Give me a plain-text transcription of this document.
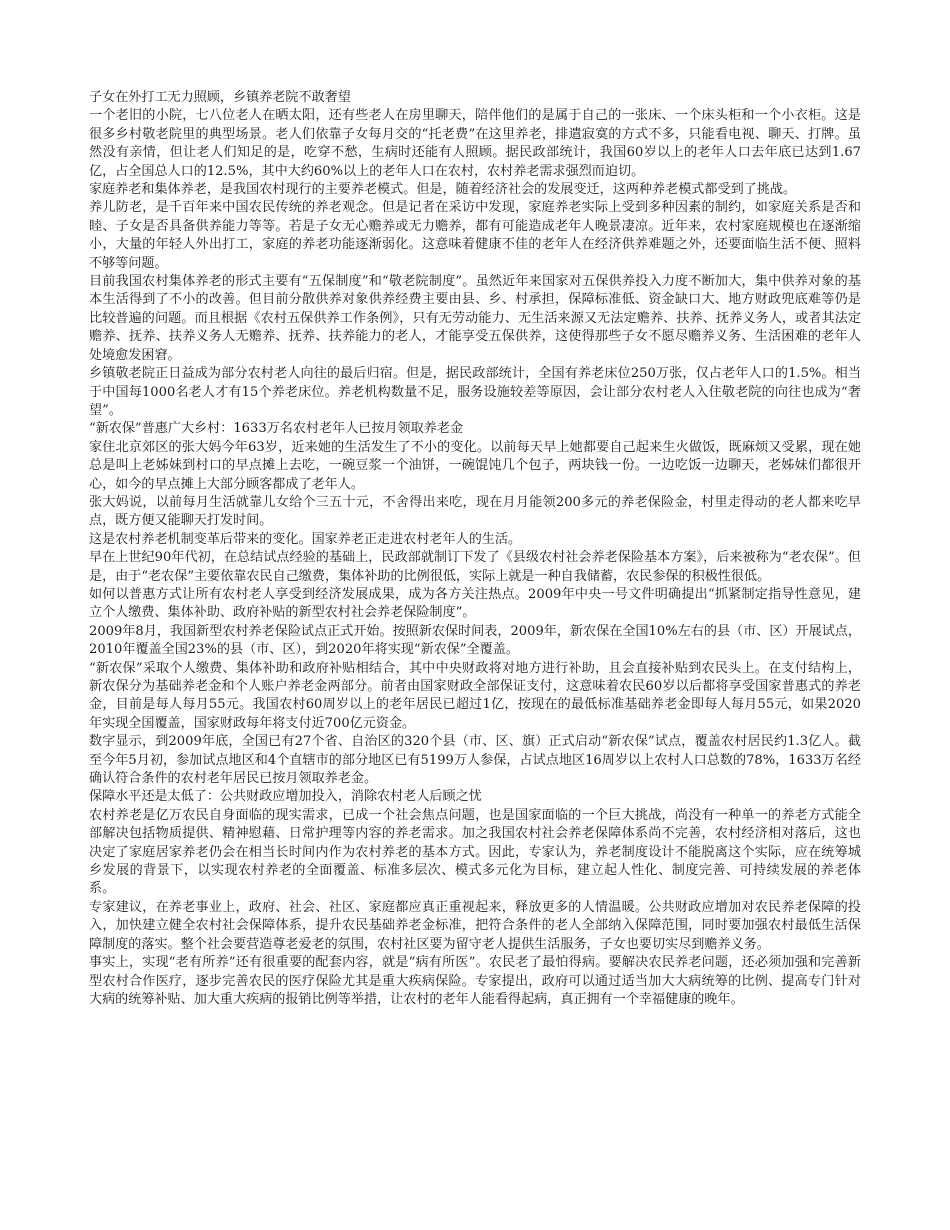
子女在外打工无力照顾，乡镇养老院不敢奢望

一个老旧的小院，七八位老人在晒太阳，还有些老人在房里聊天，陪伴他们的是属于自己的一张床、一个床头柜和一个小衣柜。这是很多乡村敬老院里的典型场景。老人们依靠子女每月交的“托老费”在这里养老，排遣寂寞的方式不多，只能看电视、聊天、打牌。虽然没有亲情，但让老人们知足的是，吃穿不愁，生病时还能有人照顾。据民政部统计，我国60岁以上的老年人口去年底已达到1.67亿，占全国总人口的12.5%，其中大约60%以上的老年人口在农村，农村养老需求强烈而迫切。

家庭养老和集体养老，是我国农村现行的主要养老模式。但是，随着经济社会的发展变迁，这两种养老模式都受到了挑战。

养儿防老，是千百年来中国农民传统的养老观念。但是记者在采访中发现，家庭养老实际上受到多种因素的制约，如家庭关系是否和睦、子女是否具备供养能力等等。若是子女无心赡养或无力赡养，都有可能造成老年人晚景凄凉。近年来，农村家庭规模也在逐渐缩小，大量的年轻人外出打工，家庭的养老功能逐渐弱化。这意味着健康不佳的老年人在经济供养难题之外，还要面临生活不便、照料不够等问题。

目前我国农村集体养老的形式主要有“五保制度”和“敬老院制度”。虽然近年来国家对五保供养投入力度不断加大，集中供养对象的基本生活得到了不小的改善。但目前分散供养对象供养经费主要由县、乡、村承担，保障标准低、资金缺口大、地方财政兜底难等仍是比较普遍的问题。而且根据《农村五保供养工作条例》，只有无劳动能力、无生活来源又无法定赡养、扶养、抚养义务人，或者其法定赡养、抚养、扶养义务人无赡养、抚养、扶养能力的老人，才能享受五保供养，这使得那些子女不愿尽赡养义务、生活困难的老年人处境愈发困窘。

乡镇敬老院正日益成为部分农村老人向往的最后归宿。但是，据民政部统计，全国有养老床位250万张，仅占老年人口的1.5%。相当于中国每1000名老人才有15个养老床位。养老机构数量不足，服务设施较差等原因，会让部分农村老人入住敬老院的向往也成为“奢望”。

“新农保”普惠广大乡村：1633万名农村老年人已按月领取养老金

家住北京郊区的张大妈今年63岁，近来她的生活发生了不小的变化。以前每天早上她都要自己起来生火做饭，既麻烦又受累，现在她总是叫上老姊妹到村口的早点摊上去吃，一碗豆浆一个油饼，一碗馄饨几个包子，两块钱一份。一边吃饭一边聊天，老姊妹们都很开心，如今的早点摊上大部分顾客都成了老年人。

张大妈说，以前每月生活就靠儿女给个三五十元，不舍得出来吃，现在月月能领200多元的养老保险金，村里走得动的老人都来吃早点，既方便又能聊天打发时间。

这是农村养老机制变革后带来的变化。国家养老正走进农村老年人的生活。

早在上世纪90年代初，在总结试点经验的基础上，民政部就制订下发了《县级农村社会养老保险基本方案》，后来被称为“老农保”。但是，由于“老农保”主要依靠农民自己缴费，集体补助的比例很低，实际上就是一种自我储蓄，农民参保的积极性很低。

如何以普惠方式让所有农村老人享受到经济发展成果，成为各方关注热点。2009年中央一号文件明确提出“抓紧制定指导性意见，建立个人缴费、集体补助、政府补贴的新型农村社会养老保险制度”。

2009年8月，我国新型农村养老保险试点正式开始。按照新农保时间表，2009年，新农保在全国10%左右的县（市、区）开展试点，2010年覆盖全国23%的县（市、区），到2020年将实现“新农保”全覆盖。

“新农保”采取个人缴费、集体补助和政府补贴相结合，其中中央财政将对地方进行补助，且会直接补贴到农民头上。在支付结构上，新农保分为基础养老金和个人账户养老金两部分。前者由国家财政全部保证支付，这意味着农民60岁以后都将享受国家普惠式的养老金，目前是每人每月55元。我国农村60周岁以上的老年居民已超过1亿，按现在的最低标准基础养老金即每人每月55元，如果2020年实现全国覆盖，国家财政每年将支付近700亿元资金。

数字显示，到2009年底，全国已有27个省、自治区的320个县（市、区、旗）正式启动“新农保”试点，覆盖农村居民约1.3亿人。截至今年5月初，参加试点地区和4个直辖市的部分地区已有5199万人参保，占试点地区16周岁以上农村人口总数的78%，1633万名经确认符合条件的农村老年居民已按月领取养老金。

保障水平还是太低了：公共财政应增加投入，消除农村老人后顾之忧

农村养老是亿万农民自身面临的现实需求，已成一个社会焦点问题，也是国家面临的一个巨大挑战，尚没有一种单一的养老方式能全部解决包括物质提供、精神慰藉、日常护理等内容的养老需求。加之我国农村社会养老保障体系尚不完善，农村经济相对落后，这也决定了家庭居家养老仍会在相当长时间内作为农村养老的基本方式。因此，专家认为，养老制度设计不能脱离这个实际，应在统筹城乡发展的背景下，以实现农村养老的全面覆盖、标准多层次、模式多元化为目标，建立起人性化、制度完善、可持续发展的养老体系。

专家建议，在养老事业上，政府、社会、社区、家庭都应真正重视起来，释放更多的人情温暖。公共财政应增加对农民养老保障的投入，加快建立健全农村社会保障体系，提升农民基础养老金标准，把符合条件的老人全部纳入保障范围，同时要加强农村最低生活保障制度的落实。整个社会要营造尊老爱老的氛围，农村社区要为留守老人提供生活服务，子女也要切实尽到赡养义务。

事实上，实现“老有所养”还有很重要的配套内容，就是“病有所医”。农民老了最怕得病。要解决农民养老问题，还必须加强和完善新型农村合作医疗，逐步完善农民的医疗保险尤其是重大疾病保险。专家提出，政府可以通过适当加大大病统筹的比例、提高专门针对大病的统筹补贴、加大重大疾病的报销比例等举措，让农村的老年人能看得起病，真正拥有一个幸福健康的晚年。
